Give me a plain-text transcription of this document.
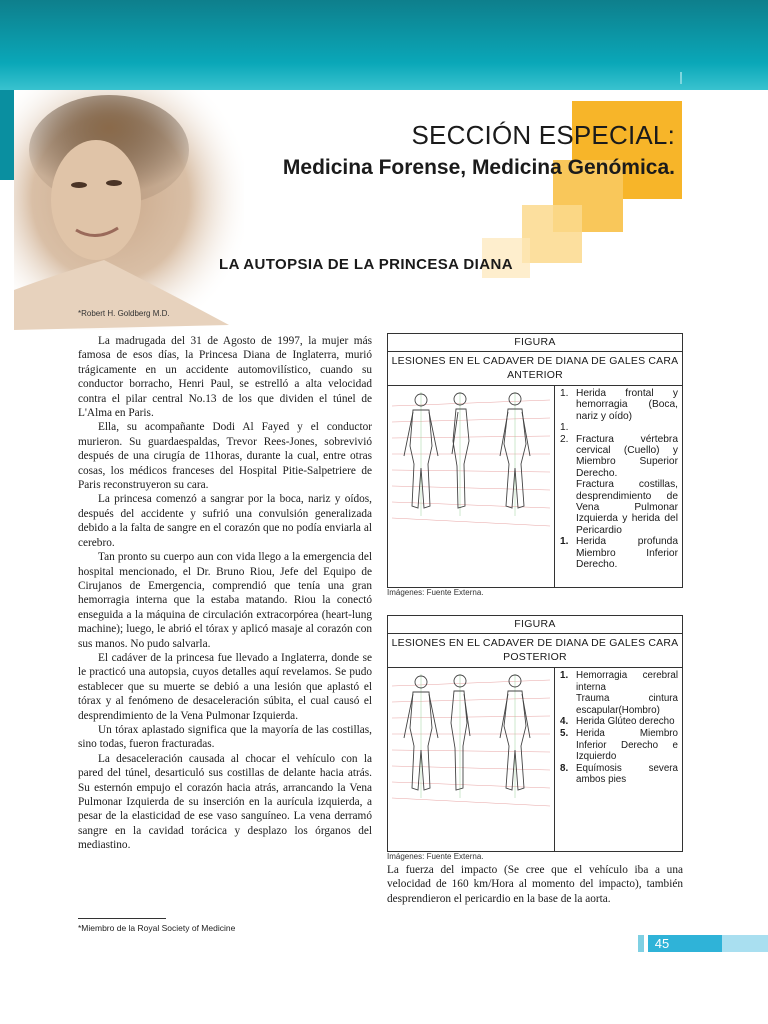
SECCIÓN ESPECIAL:
Medicina Forense, Medicina Genómica.
LA AUTOPSIA DE LA PRINCESA DIANA
*Robert H. Goldberg M.D.

La madrugada del 31 de Agosto de 1997, la mujer más famosa de esos días, la Princesa Diana de Inglaterra, murió trágicamente en un accidente automovilístico, cuando su conductor borracho, Henri Paul, se estrelló a alta velocidad contra el pilar central No.13 de los que dividen el túnel de L'Alma en Paris.

Ella, su acompañante Dodi Al Fayed y el conductor murieron. Su guardaespaldas, Trevor Rees-Jones, sobrevivió después de una cirugía de 11horas, durante la cual, entre otras cosas, los médicos franceses del Hospital Pitie-Salpetriere de Paris reconstruyeron su cara.

La princesa comenzó a sangrar por la boca, nariz y oídos, después del accidente y sufrió una convulsión generalizada debido a la falta de sangre en el corazón que no podía enviarla al cerebro.

Tan pronto su cuerpo aun con vida llego a la emergencia del hospital mencionado, el Dr. Bruno Riou, Jefe del Equipo de Cirujanos de Emergencia, comprendió que tenía una gran hemorragia interna que la estaba matando. Riou la conectó enseguida a la máquina de circulación extracorpórea (heart-lung machine); luego, le abrió el tórax y aplicó masaje al corazón con sus manos. No pudo salvarla.

El cadáver de la princesa fue llevado a Inglaterra, donde se le practicó una autopsia, cuyos detalles aquí revelamos. Se pudo establecer que su muerte se debió a una lesión que aplastó el tórax y al fenómeno de desaceleración súbita, el cual causó el desprendimiento de la Vena Pulmonar Izquierda.

Un tórax aplastado significa que la mayoría de las costillas, sino todas, fueron fracturadas.

La desaceleración causada al chocar el vehículo con la pared del túnel, desarticuló sus costillas de delante hacia atrás. Su esternón empujo el corazón hacia atrás, arrancando la Vena Pulmonar Izquierda de su inserción en la aurícula izquierda, a pesar de la elasticidad de ese vaso sanguíneo. La vena derramó sangre en la cavidad torácica y desplazo los órganos del mediastino.

*Miembro de la Royal Society of Medicine
FIGURA
LESIONES EN EL CADAVER DE DIANA DE GALES CARA ANTERIOR
1. Herida frontal y hemorragia (Boca, nariz y oído)
1.
2. Fractura vértebra cervical (Cuello) y Miembro Superior Derecho.
Fractura costillas, desprendimiento de Vena Pulmonar Izquierda y herida del Pericardio
1. Herida profunda Miembro Inferior Derecho.
Imágenes: Fuente Externa.
FIGURA
LESIONES EN EL CADAVER DE DIANA DE GALES CARA POSTERIOR
1. Hemorragia cerebral interna
Trauma cintura escapular(Hombro)
4. Herida Glúteo derecho
5. Herida Miembro Inferior Derecho e Izquierdo
8. Equímosis severa ambos pies
Imágenes: Fuente Externa.
La fuerza del impacto (Se cree que el vehículo iba a una velocidad de 160 km/Hora al momento del impacto), también desprendieron el pericardio en la base de la aorta.
45
